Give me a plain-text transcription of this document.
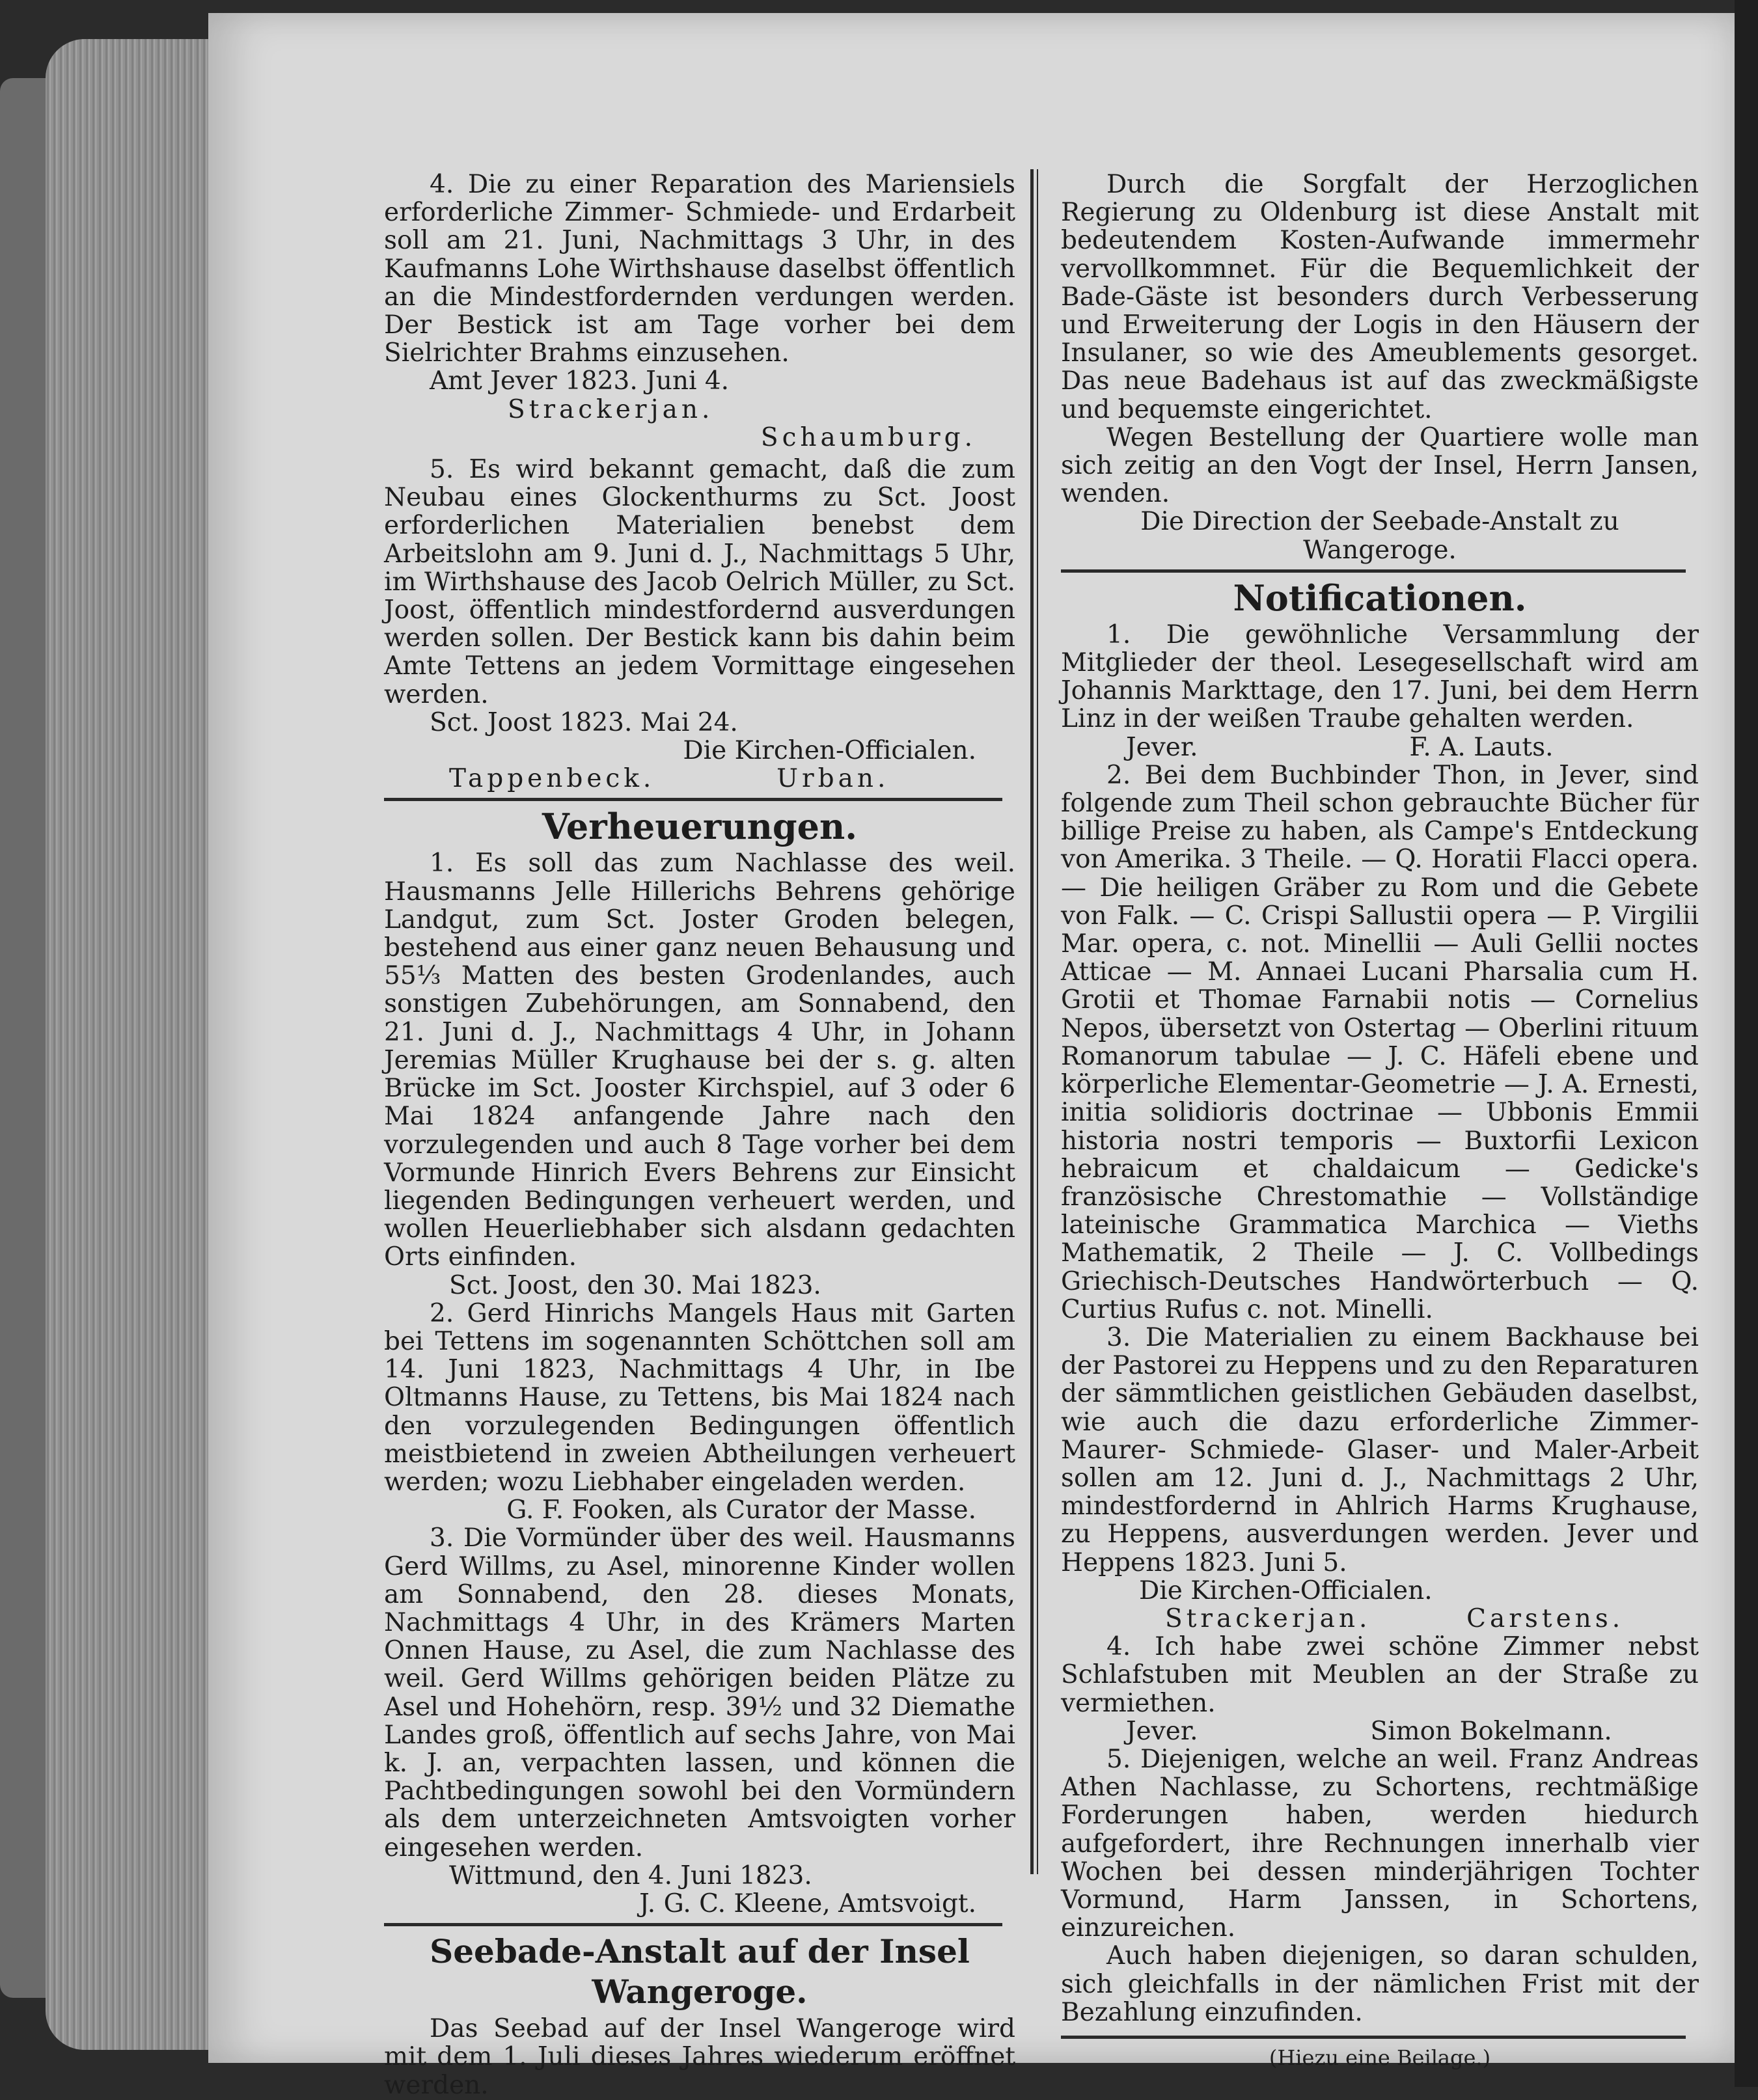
4. Die zu einer Reparation des Mariensiels erforderliche Zimmer- Schmiede- und Erdarbeit soll am 21. Juni, Nachmittags 3 Uhr, in des Kaufmanns Lohe Wirthshause daselbst öffentlich an die Mindestfordernden verdungen werden. Der Bestick ist am Tage vorher bei dem Sielrichter Brahms einzusehen.

Amt Jever 1823. Juni 4.
Strackerjan.
Schaumburg.

5. Es wird bekannt gemacht, daß die zum Neubau eines Glockenthurms zu Sct. Joost erforderlichen Materialien benebst dem Arbeitslohn am 9. Juni d. J., Nachmittags 5 Uhr, im Wirthshause des Jacob Oelrich Müller, zu Sct. Joost, öffentlich mindestfordernd ausverdungen werden sollen. Der Bestick kann bis dahin beim Amte Tettens an jedem Vormittage eingesehen werden.

Sct. Joost 1823. Mai 24.
Die Kirchen-Officialen.
Tappenbeck.	Urban.
Verheuerungen.

1. Es soll das zum Nachlasse des weil. Hausmanns Jelle Hillerichs Behrens gehörige Landgut, zum Sct. Joster Groden belegen, bestehend aus einer ganz neuen Behausung und 55⅓ Matten des besten Grodenlandes, auch sonstigen Zubehörungen, am Sonnabend, den 21. Juni d. J., Nachmittags 4 Uhr, in Johann Jeremias Müller Krughause bei der s. g. alten Brücke im Sct. Jooster Kirchspiel, auf 3 oder 6 Mai 1824 anfangende Jahre nach den vorzulegenden und auch 8 Tage vorher bei dem Vormunde Hinrich Evers Behrens zur Einsicht liegenden Bedingungen verheuert werden, und wollen Heuerliebhaber sich alsdann gedachten Orts einfinden.

Sct. Joost, den 30. Mai 1823.

2. Gerd Hinrichs Mangels Haus mit Garten bei Tettens im sogenannten Schöttchen soll am 14. Juni 1823, Nachmittags 4 Uhr, in Ibe Oltmanns Hause, zu Tettens, bis Mai 1824 nach den vorzulegenden Bedingungen öffentlich meistbietend in zweien Abtheilungen verheuert werden; wozu Liebhaber eingeladen werden.

G. F. Fooken, als Curator der Masse.

3. Die Vormünder über des weil. Hausmanns Gerd Willms, zu Asel, minorenne Kinder wollen am Sonnabend, den 28. dieses Monats, Nachmittags 4 Uhr, in des Krämers Marten Onnen Hause, zu Asel, die zum Nachlasse des weil. Gerd Willms gehörigen beiden Plätze zu Asel und Hohehörn, resp. 39½ und 32 Diemathe Landes groß, öffentlich auf sechs Jahre, von Mai k. J. an, verpachten lassen, und können die Pachtbedingungen sowohl bei den Vormündern als dem unterzeichneten Amtsvoigten vorher eingesehen werden.

Wittmund, den 4. Juni 1823.
J. G. C. Kleene, Amtsvoigt.
Seebade-Anstalt auf der Insel Wangeroge.

Das Seebad auf der Insel Wangeroge wird mit dem 1. Juli dieses Jahres wiederum eröffnet werden.

Durch die Sorgfalt der Herzoglichen Regierung zu Oldenburg ist diese Anstalt mit bedeutendem Kosten-Aufwande immermehr vervollkommnet. Für die Bequemlichkeit der Bade-Gäste ist besonders durch Verbesserung und Erweiterung der Logis in den Häusern der Insulaner, so wie des Ameublements gesorget. Das neue Badehaus ist auf das zweckmäßigste und bequemste eingerichtet.

Wegen Bestellung der Quartiere wolle man sich zeitig an den Vogt der Insel, Herrn Jansen, wenden.

Die Direction der Seebade-Anstalt zu Wangeroge.
Notificationen.

1. Die gewöhnliche Versammlung der Mitglieder der theol. Lesegesellschaft wird am Johannis Markttage, den 17. Juni, bei dem Herrn Linz in der weißen Traube gehalten werden.

Jever.	F. A. Lauts.

2. Bei dem Buchbinder Thon, in Jever, sind folgende zum Theil schon gebrauchte Bücher für billige Preise zu haben, als Campe's Entdeckung von Amerika. 3 Theile. — Q. Horatii Flacci opera. — Die heiligen Gräber zu Rom und die Gebete von Falk. — C. Crispi Sallustii opera — P. Virgilii Mar. opera, c. not. Minellii — Auli Gellii noctes Atticae — M. Annaei Lucani Pharsalia cum H. Grotii et Thomae Farnabii notis — Cornelius Nepos, übersetzt von Ostertag — Oberlini rituum Romanorum tabulae — J. C. Häfeli ebene und körperliche Elementar-Geometrie — J. A. Ernesti, initia solidioris doctrinae — Ubbonis Emmii historia nostri temporis — Buxtorfii Lexicon hebraicum et chaldaicum — Gedicke's französische Chrestomathie — Vollständige lateinische Grammatica Marchica — Vieths Mathematik, 2 Theile — J. C. Vollbedings Griechisch-Deutsches Handwörterbuch — Q. Curtius Rufus c. not. Minelli.

3. Die Materialien zu einem Backhause bei der Pastorei zu Heppens und zu den Reparaturen der sämmtlichen geistlichen Gebäuden daselbst, wie auch die dazu erforderliche Zimmer- Maurer- Schmiede- Glaser- und Maler-Arbeit sollen am 12. Juni d. J., Nachmittags 2 Uhr, mindestfordernd in Ahlrich Harms Krughause, zu Heppens, ausverdungen werden. Jever und Heppens 1823. Juni 5.

Die Kirchen-Officialen.
Strackerjan.	Carstens.

4. Ich habe zwei schöne Zimmer nebst Schlafstuben mit Meublen an der Straße zu vermiethen.

Jever.	Simon Bokelmann.

5. Diejenigen, welche an weil. Franz Andreas Athen Nachlasse, zu Schortens, rechtmäßige Forderungen haben, werden hiedurch aufgefordert, ihre Rechnungen innerhalb vier Wochen bei dessen minderjährigen Tochter Vormund, Harm Janssen, in Schortens, einzureichen.

Auch haben diejenigen, so daran schulden, sich gleichfalls in der nämlichen Frist mit der Bezahlung einzufinden.

(Hiezu eine Beilage.)
